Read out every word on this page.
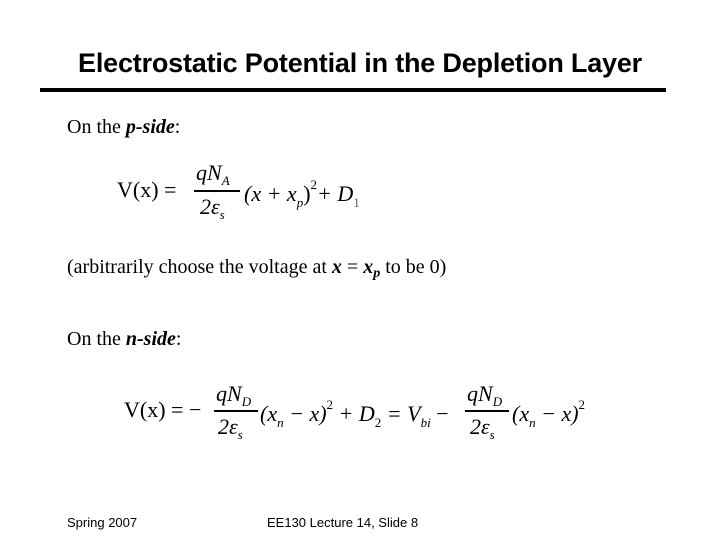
Electrostatic Potential in the Depletion Layer
On the p-side:
V(x) =
$qN_A$
$2\varepsilon_s$
$(x + x_p)^2+ D_1$
(arbitrarily choose the voltage at $x = x_p$ to be 0)
On the n-side:
V(x) = −
$qN_D$
$2\varepsilon_s$
$(x_n - x)^2 + D_2 = V_{bi}$ −
$qN_D$
$2\varepsilon_s$
$(x_n - x)^2$
Spring 2007	EE130 Lecture 14, Slide 8
